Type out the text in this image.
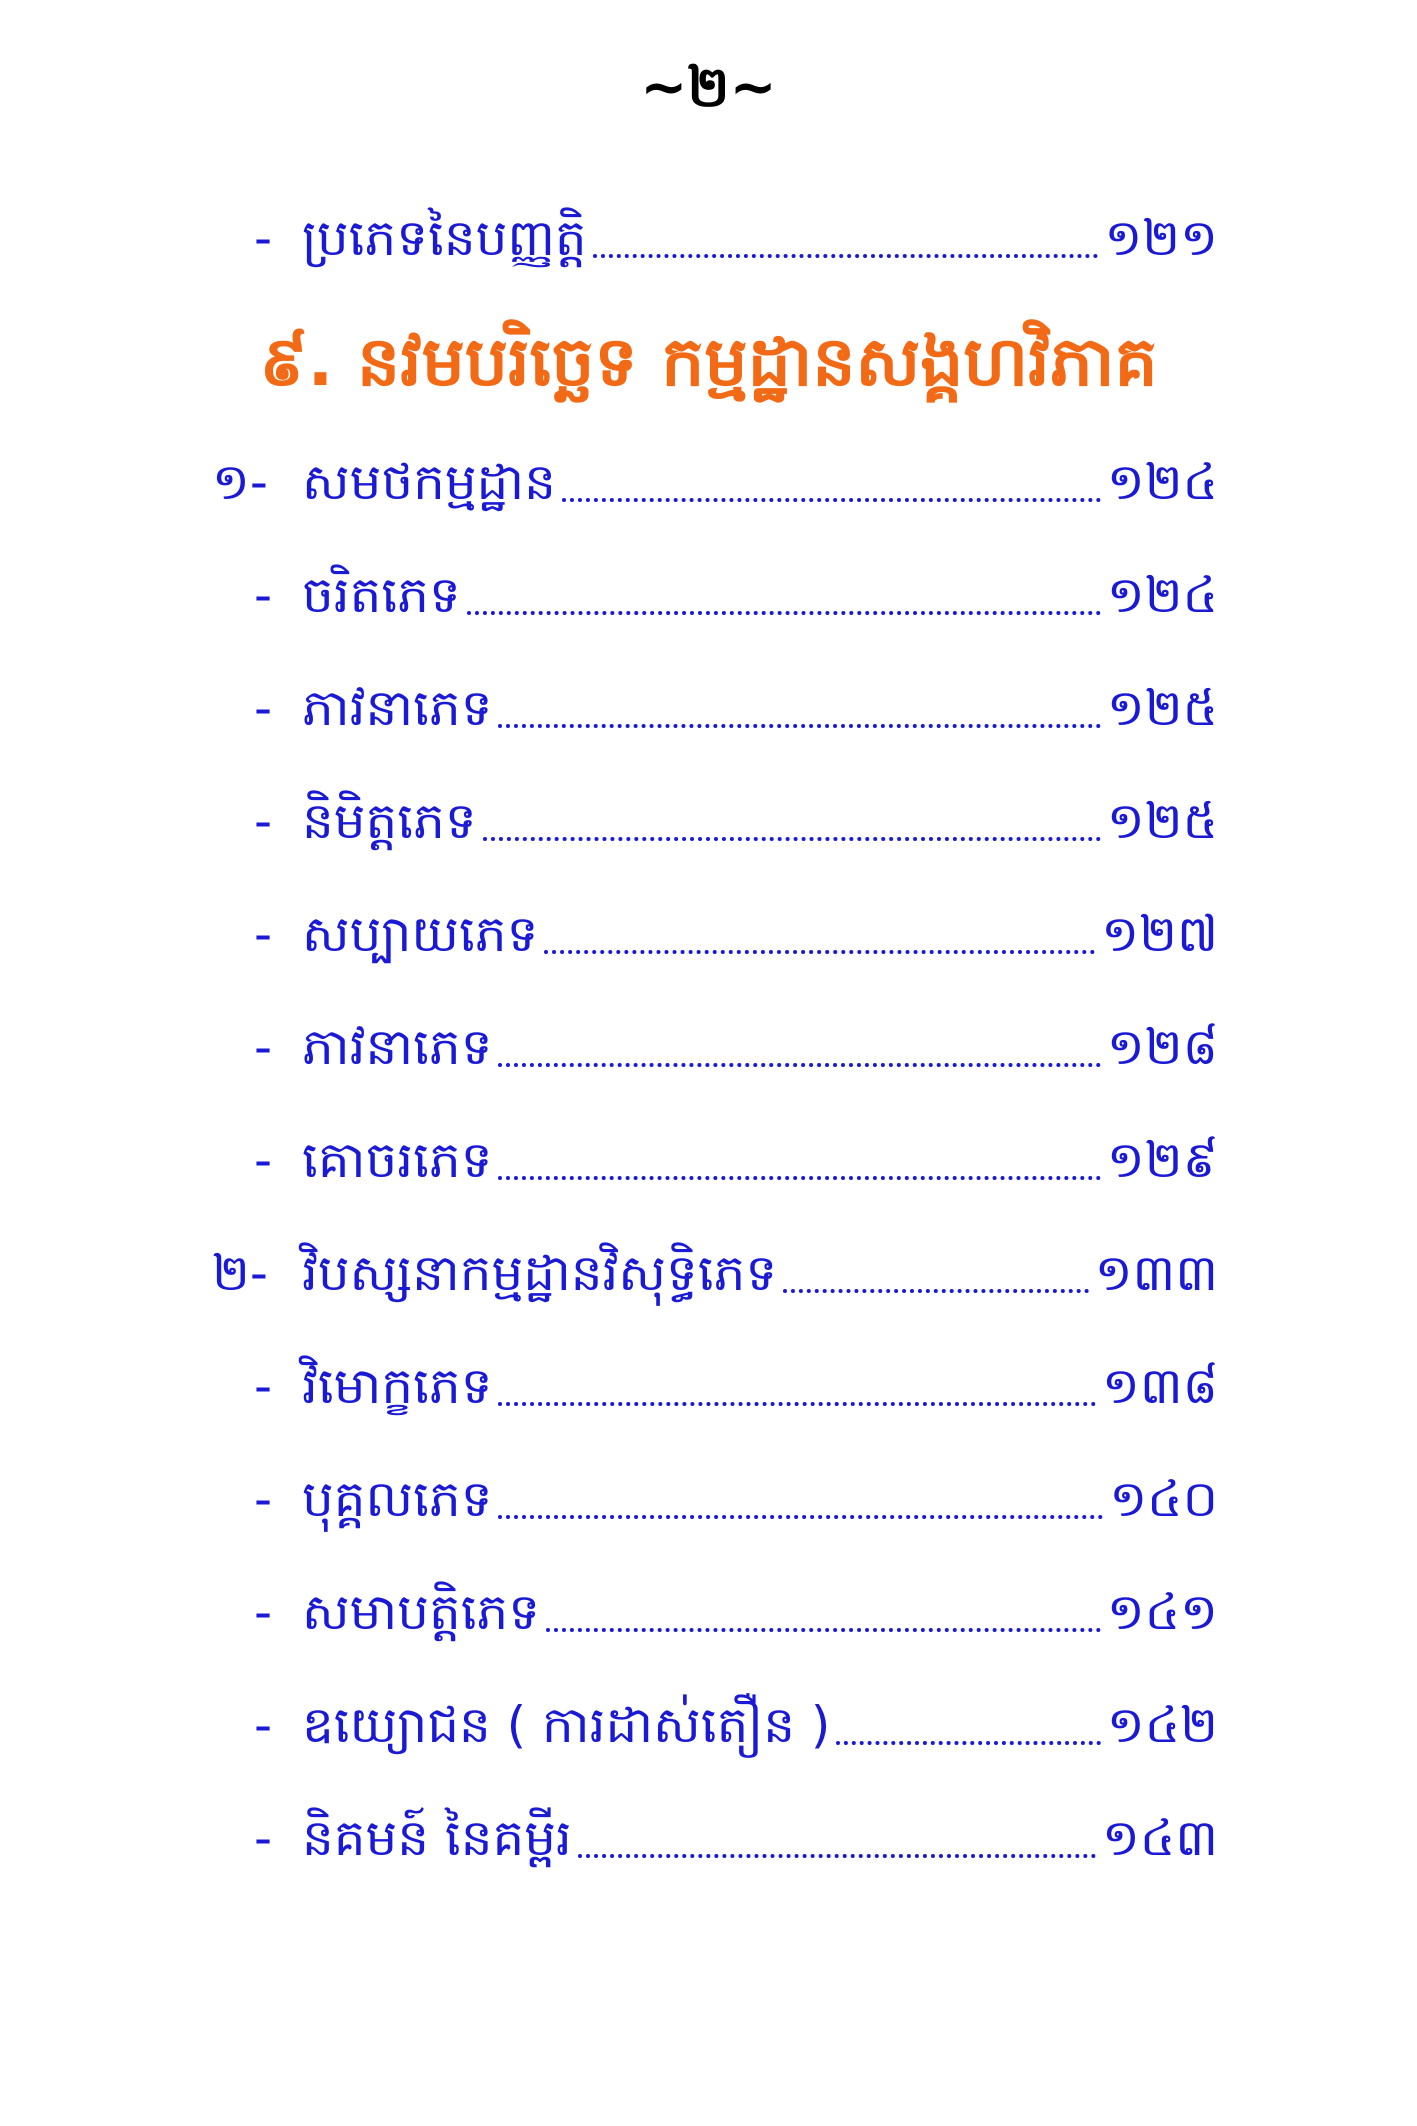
~២~
- ប្រភេទនៃបញ្ញត្តិ	១២១
៩. នវមបរិច្ឆេទ កម្មដ្ឋានសង្គហវិភាគ
១- សមថកម្មដ្ឋាន	១២៤
- ចរិតភេទ	១២៤
- ភាវនាភេទ	១២៥
- និមិត្តភេទ	១២៥
- សប្បាយភេទ	១២៧
- ភាវនាភេទ	១២៨
- គោចរភេទ	១២៩
២- វិបស្សនាកម្មដ្ឋានវិសុទ្ធិភេទ	១៣៣
- វិមោក្ខភេទ	១៣៨
- បុគ្គលភេទ	១៤០
- សមាបត្តិភេទ	១៤១
- ឧយ្យោជន ( ការដាស់តឿន )	១៤២
- និគមន៍ នៃគម្ពីរ	១៤៣
